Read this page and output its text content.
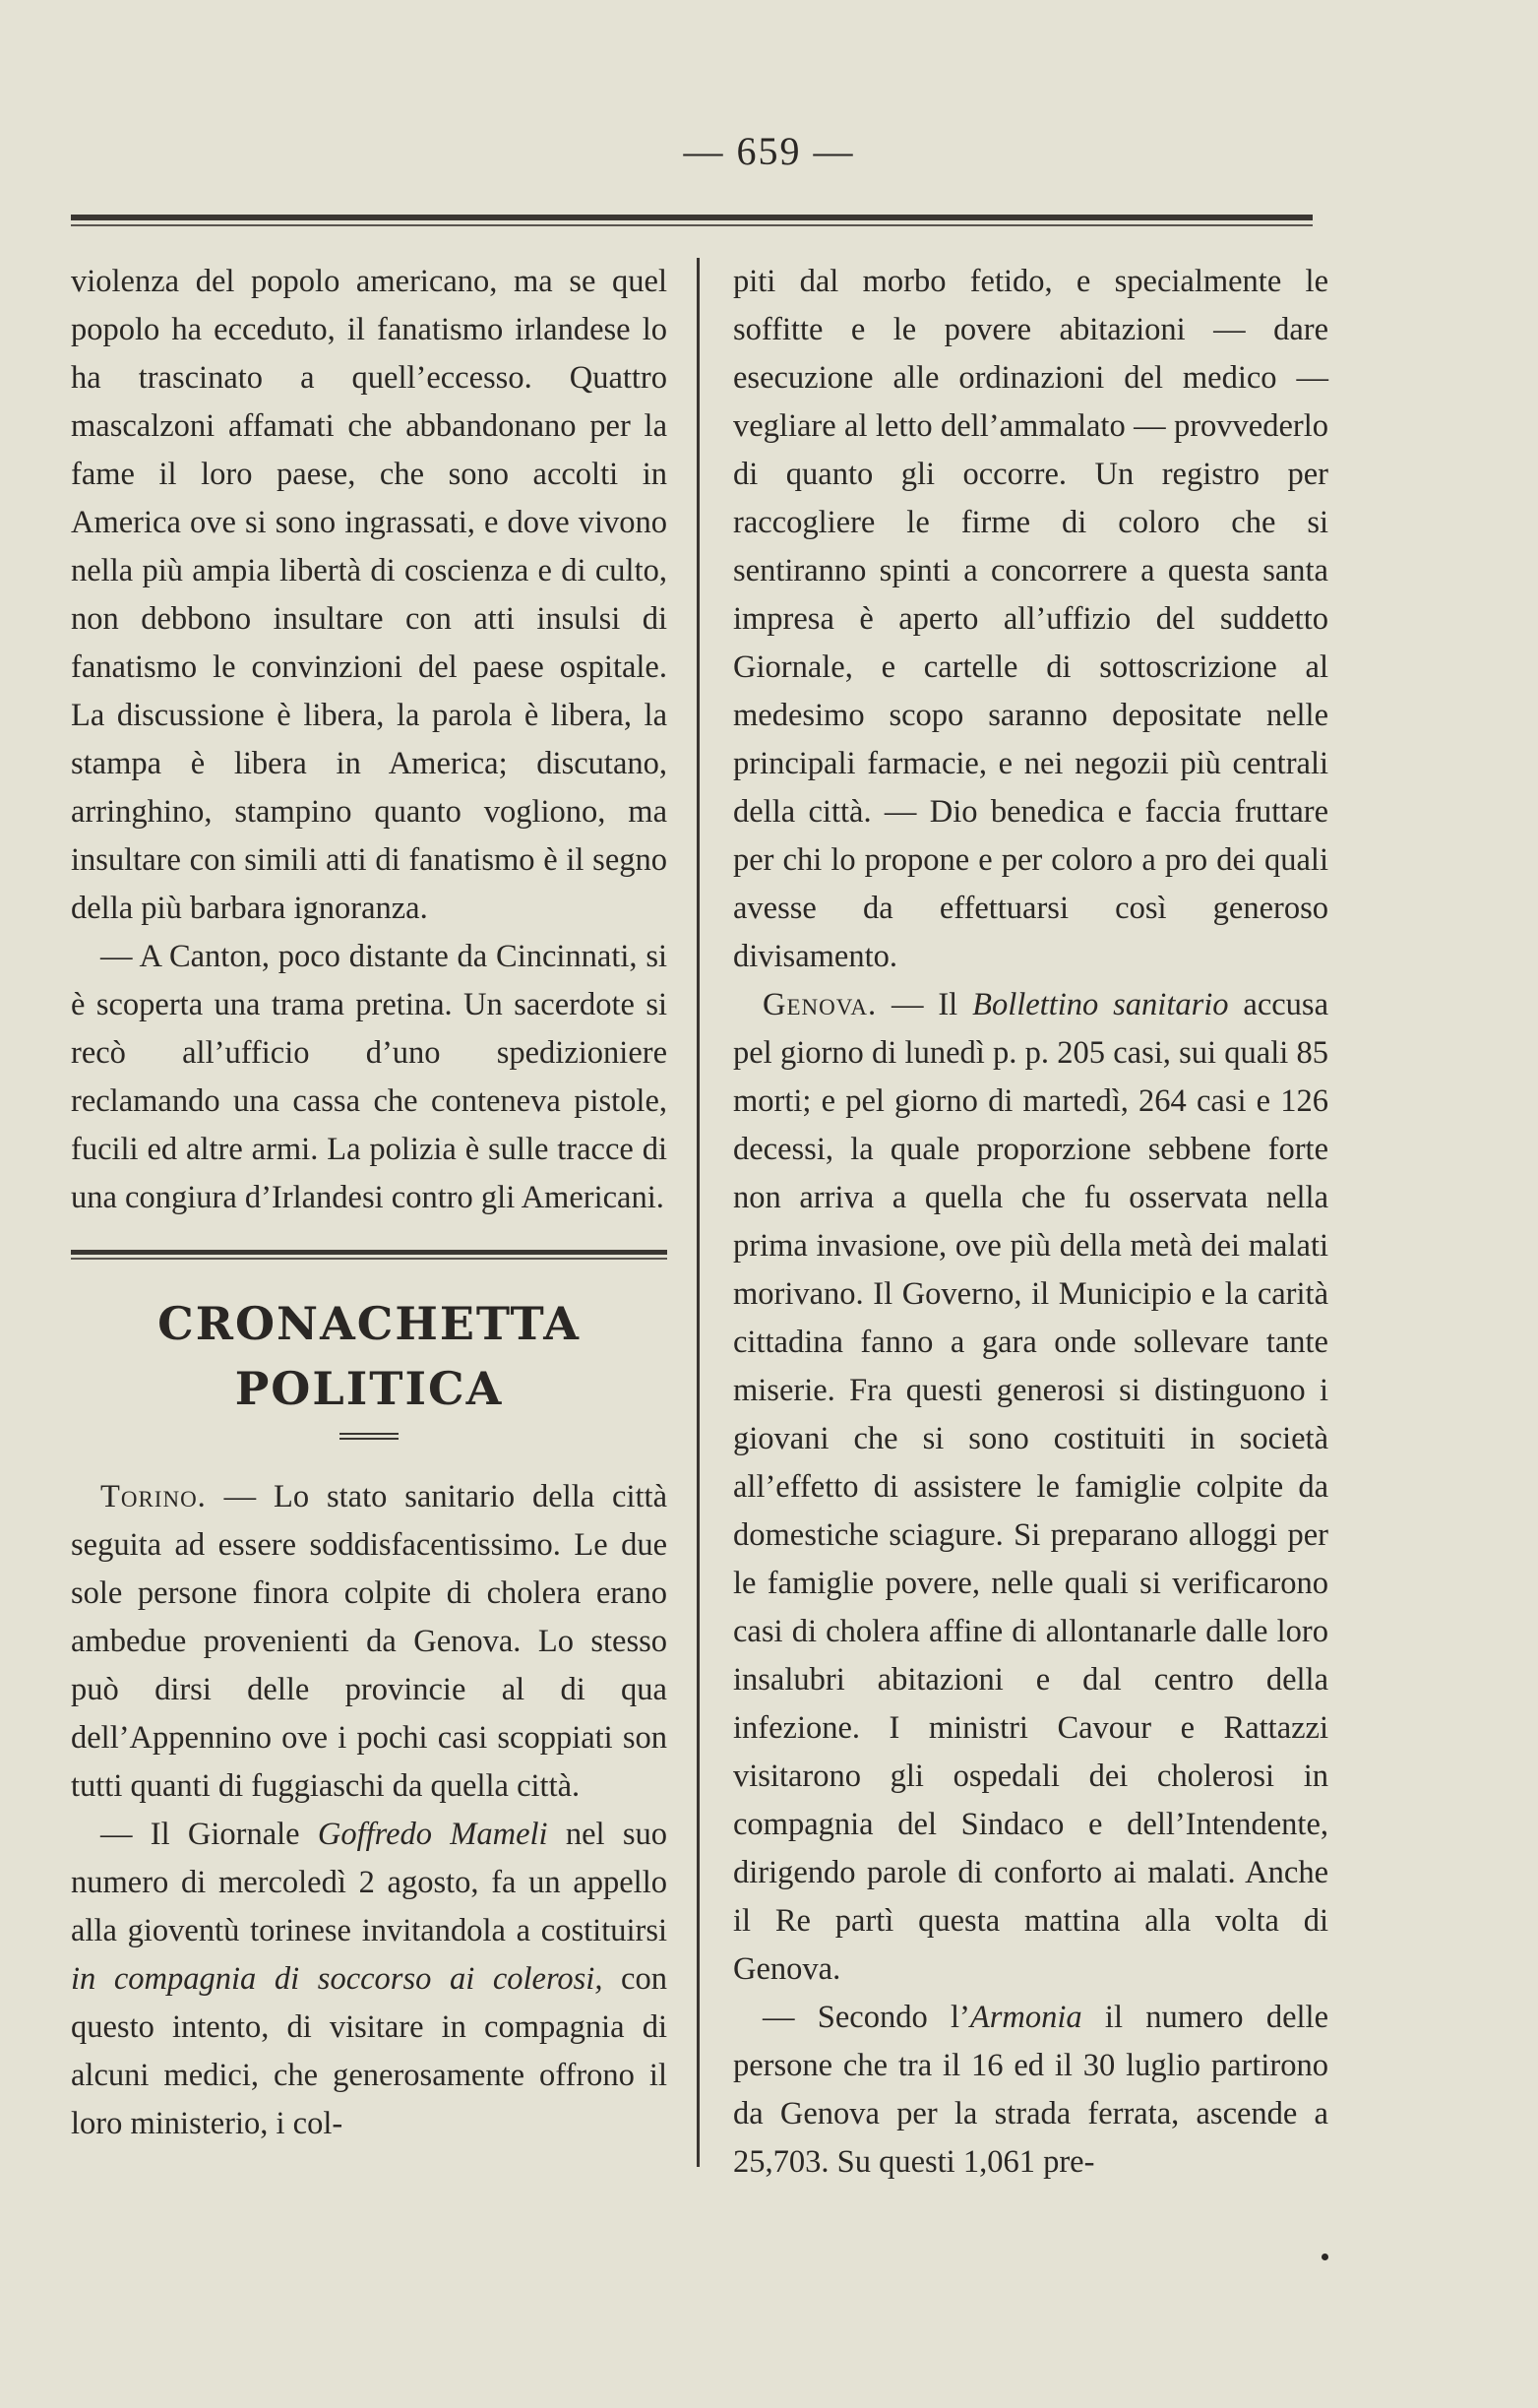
— 659 —

violenza del popolo americano, ma se quel popolo ha ecceduto, il fanatismo irlandese lo ha trascinato a quell’eccesso. Quattro mascalzoni affamati che abbandonano per la fame il loro paese, che sono accolti in America ove si sono ingrassati, e dove vivono nella più ampia libertà di coscienza e di culto, non debbono insultare con atti insulsi di fanatismo le convinzioni del paese ospitale. La discussione è libera, la parola è libera, la stampa è libera in America; discutano, arringhino, stampino quanto vogliono, ma insultare con simili atti di fanatismo è il segno della più barbara ignoranza.

— A Canton, poco distante da Cincinnati, si è scoperta una trama pretina. Un sacerdote si recò all’ufficio d’uno spedizioniere reclamando una cassa che conteneva pistole, fucili ed altre armi. La polizia è sulle tracce di una congiura d’Irlandesi contro gli Americani.

CRONACHETTA POLITICA

Torino. — Lo stato sanitario della città seguita ad essere soddisfacentissimo. Le due sole persone finora colpite di cholera erano ambedue provenienti da Genova. Lo stesso può dirsi delle provincie al di qua dell’Appennino ove i pochi casi scoppiati son tutti quanti di fuggiaschi da quella città.

— Il Giornale Goffredo Mameli nel suo numero di mercoledì 2 agosto, fa un appello alla gioventù torinese invitandola a costituirsi in compagnia di soccorso ai colerosi, con questo intento, di visitare in compagnia di alcuni medici, che generosamente offrono il loro ministerio, i col-

piti dal morbo fetido, e specialmente le soffitte e le povere abitazioni — dare esecuzione alle ordinazioni del medico — vegliare al letto dell’ammalato — provvederlo di quanto gli occorre. Un registro per raccogliere le firme di coloro che si sentiranno spinti a concorrere a questa santa impresa è aperto all’uffizio del suddetto Giornale, e cartelle di sottoscrizione al medesimo scopo saranno depositate nelle principali farmacie, e nei negozii più centrali della città. — Dio benedica e faccia fruttare per chi lo propone e per coloro a pro dei quali avesse da effettuarsi così generoso divisamento.

Genova. — Il Bollettino sanitario accusa pel giorno di lunedì p. p. 205 casi, sui quali 85 morti; e pel giorno di martedì, 264 casi e 126 decessi, la quale proporzione sebbene forte non arriva a quella che fu osservata nella prima invasione, ove più della metà dei malati morivano. Il Governo, il Municipio e la carità cittadina fanno a gara onde sollevare tante miserie. Fra questi generosi si distinguono i giovani che si sono costituiti in società all’effetto di assistere le famiglie colpite da domestiche sciagure. Si preparano alloggi per le famiglie povere, nelle quali si verificarono casi di cholera affine di allontanarle dalle loro insalubri abitazioni e dal centro della infezione. I ministri Cavour e Rattazzi visitarono gli ospedali dei cholerosi in compagnia del Sindaco e dell’Intendente, dirigendo parole di conforto ai malati. Anche il Re partì questa mattina alla volta di Genova.

— Secondo l’Armonia il numero delle persone che tra il 16 ed il 30 luglio partirono da Genova per la strada ferrata, ascende a 25,703. Su questi 1,061 pre-
